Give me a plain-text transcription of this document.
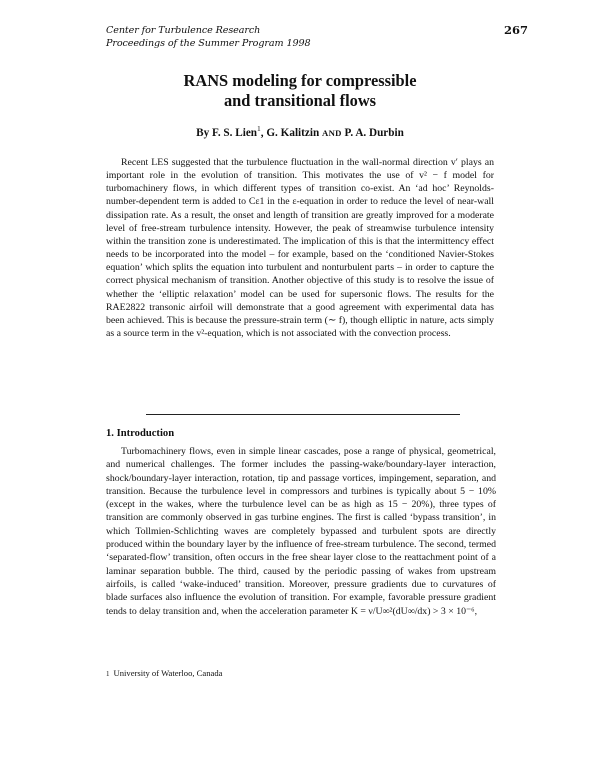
Center for Turbulence Research
Proceedings of the Summer Program 1998
267
RANS modeling for compressible
and transitional flows
By F. S. Lien$^1$, G. Kalitzin AND P. A. Durbin

Recent LES suggested that the turbulence fluctuation in the wall-normal direction v′ plays an important role in the evolution of transition. This motivates the use of v² − f model for turbomachinery flows, in which different types of transition co-exist. An ‘ad hoc’ Reynolds-number-dependent term is added to Cε1 in the ε-equation in order to reduce the level of near-wall dissipation rate. As a result, the onset and length of transition are greatly improved for a moderate level of free-stream turbulence intensity. However, the peak of streamwise turbulence intensity within the transition zone is underestimated. The implication of this is that the intermittency effect needs to be incorporated into the model – for example, based on the ‘conditioned Navier-Stokes equation’ which splits the equation into turbulent and nonturbulent parts – in order to capture the correct physical mechanism of transition. Another objective of this study is to resolve the issue of whether the ‘elliptic relaxation’ model can be used for supersonic flows. The results for the RAE2822 transonic airfoil will demonstrate that a good agreement with experimental data has been achieved. This is because the pressure-strain term (∼ f), though elliptic in nature, acts simply as a source term in the v²-equation, which is not associated with the convection process.

1. Introduction

Turbomachinery flows, even in simple linear cascades, pose a range of physical, geometrical, and numerical challenges. The former includes the passing-wake/boundary-layer interaction, shock/boundary-layer interaction, rotation, tip and passage vortices, impingement, separation, and transition. Because the turbulence level in compressors and turbines is typically about 5 − 10% (except in the wakes, where the turbulence level can be as high as 15 − 20%), three types of transition are commonly observed in gas turbine engines. The first is called ‘bypass transition’, in which Tollmien-Schlichting waves are completely bypassed and turbulent spots are directly produced within the boundary layer by the influence of free-stream turbulence. The second, termed ‘separated-flow’ transition, often occurs in the free shear layer close to the reattachment point of a laminar separation bubble. The third, caused by the periodic passing of wakes from upstream airfoils, is called ‘wake-induced’ transition. Moreover, pressure gradients due to curvatures of blade surfaces also influence the evolution of transition. For example, favorable pressure gradient tends to delay transition and, when the acceleration parameter K = ν/U∞²(dU∞/dx) > 3 × 10⁻⁶,

1 University of Waterloo, Canada
